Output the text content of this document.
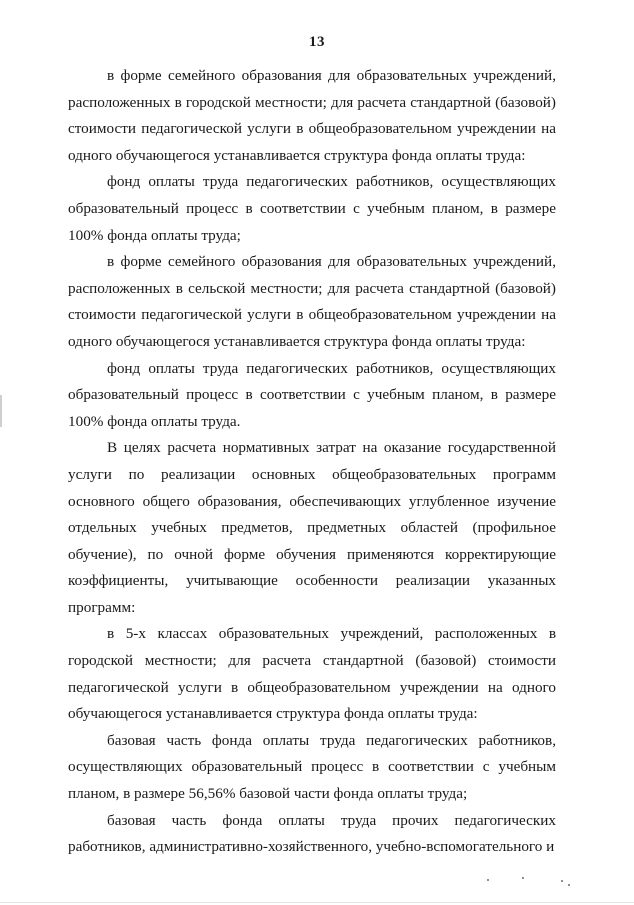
13

в форме семейного образования для образовательных учреждений, расположенных в городской местности; для расчета стандартной (базовой) стоимости педагогической услуги в общеобразовательном учреждении на одного обучающегося устанавливается структура фонда оплаты труда:

фонд оплаты труда педагогических работников, осуществляющих образовательный процесс в соответствии с учебным планом, в размере 100% фонда оплаты труда;

в форме семейного образования для образовательных учреждений, расположенных в сельской местности; для расчета стандартной (базовой) стоимости педагогической услуги в общеобразовательном учреждении на одного обучающегося устанавливается структура фонда оплаты труда:

фонд оплаты труда педагогических работников, осуществляющих образовательный процесс в соответствии с учебным планом, в размере 100% фонда оплаты труда.

В целях расчета нормативных затрат на оказание государственной услуги по реализации основных общеобразовательных программ основного общего образования, обеспечивающих углубленное изучение отдельных учебных предметов, предметных областей (профильное обучение), по очной форме обучения применяются корректирующие коэффициенты, учитывающие особенности реализации указанных программ:

в 5-х классах образовательных учреждений, расположенных в городской местности; для расчета стандартной (базовой) стоимости педагогической услуги в общеобразовательном учреждении на одного обучающегося устанавливается структура фонда оплаты труда:

базовая часть фонда оплаты труда педагогических работников, осуществляющих образовательный процесс в соответствии с учебным планом, в размере 56,56% базовой части фонда оплаты труда;

базовая часть фонда оплаты труда прочих педагогических работников, административно-хозяйственного, учебно-вспомогательного и
